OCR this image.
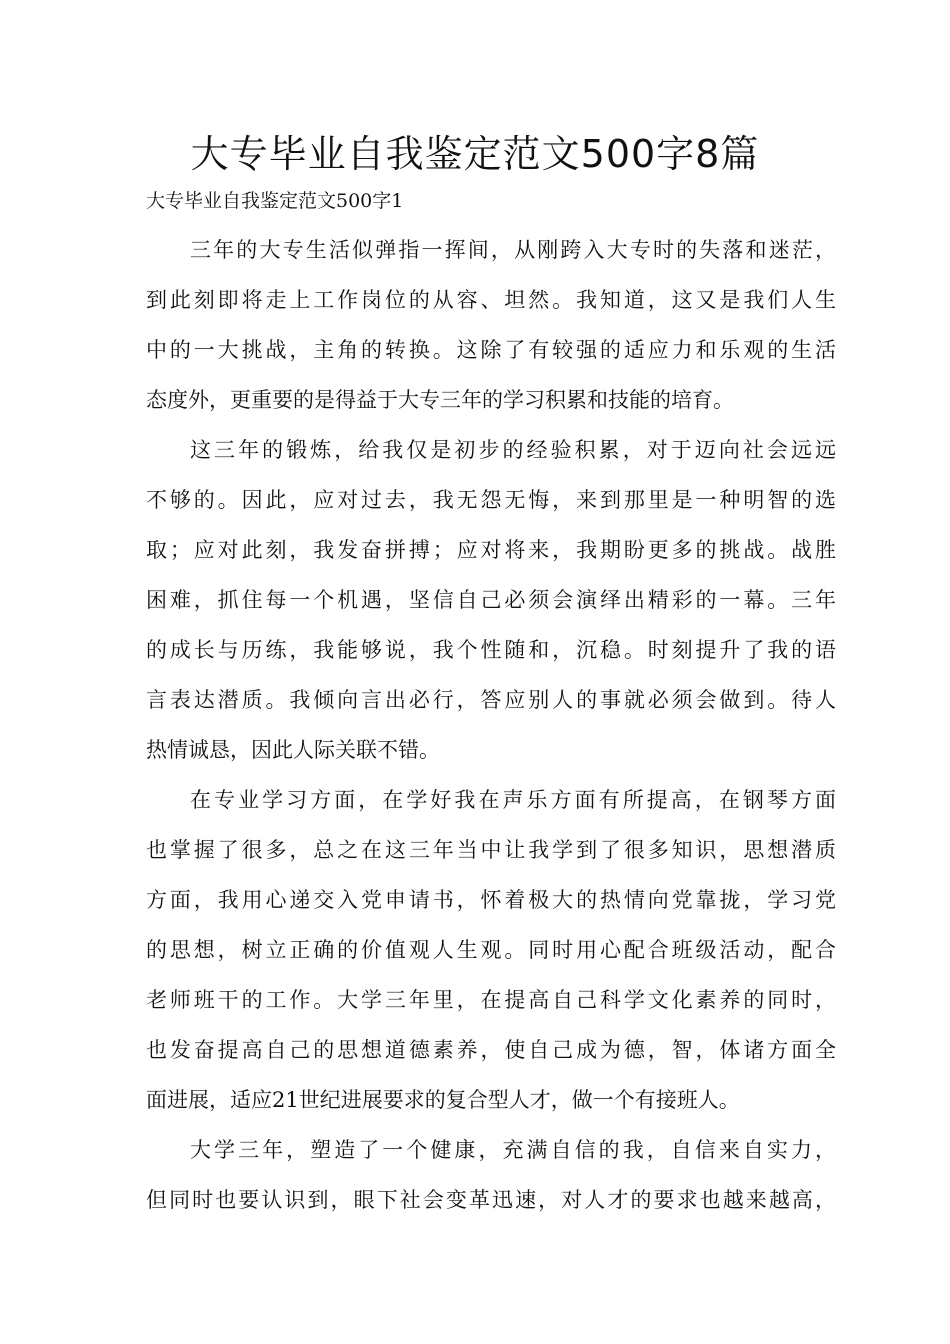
大专毕业自我鉴定范文500字8篇

大专毕业自我鉴定范文500字1

三年的大专生活似弹指一挥间，从刚跨入大专时的失落和迷茫，

到此刻即将走上工作岗位的从容、坦然。我知道，这又是我们人生

中的一大挑战，主角的转换。这除了有较强的适应力和乐观的生活

态度外，更重要的是得益于大专三年的学习积累和技能的培育。

这三年的锻炼，给我仅是初步的经验积累，对于迈向社会远远

不够的。因此，应对过去，我无怨无悔，来到那里是一种明智的选

取；应对此刻，我发奋拼搏；应对将来，我期盼更多的挑战。战胜

困难，抓住每一个机遇，坚信自己必须会演绎出精彩的一幕。三年

的成长与历练，我能够说，我个性随和，沉稳。时刻提升了我的语

言表达潜质。我倾向言出必行，答应别人的事就必须会做到。待人

热情诚恳，因此人际关联不错。

在专业学习方面，在学好我在声乐方面有所提高，在钢琴方面

也掌握了很多，总之在这三年当中让我学到了很多知识，思想潜质

方面，我用心递交入党申请书，怀着极大的热情向党靠拢，学习党

的思想，树立正确的价值观人生观。同时用心配合班级活动，配合

老师班干的工作。大学三年里，在提高自己科学文化素养的同时，

也发奋提高自己的思想道德素养，使自己成为德，智，体诸方面全

面进展，适应21世纪进展要求的复合型人才，做一个有接班人。

大学三年，塑造了一个健康，充满自信的我，自信来自实力，

但同时也要认识到，眼下社会变革迅速，对人才的要求也越来越高，
